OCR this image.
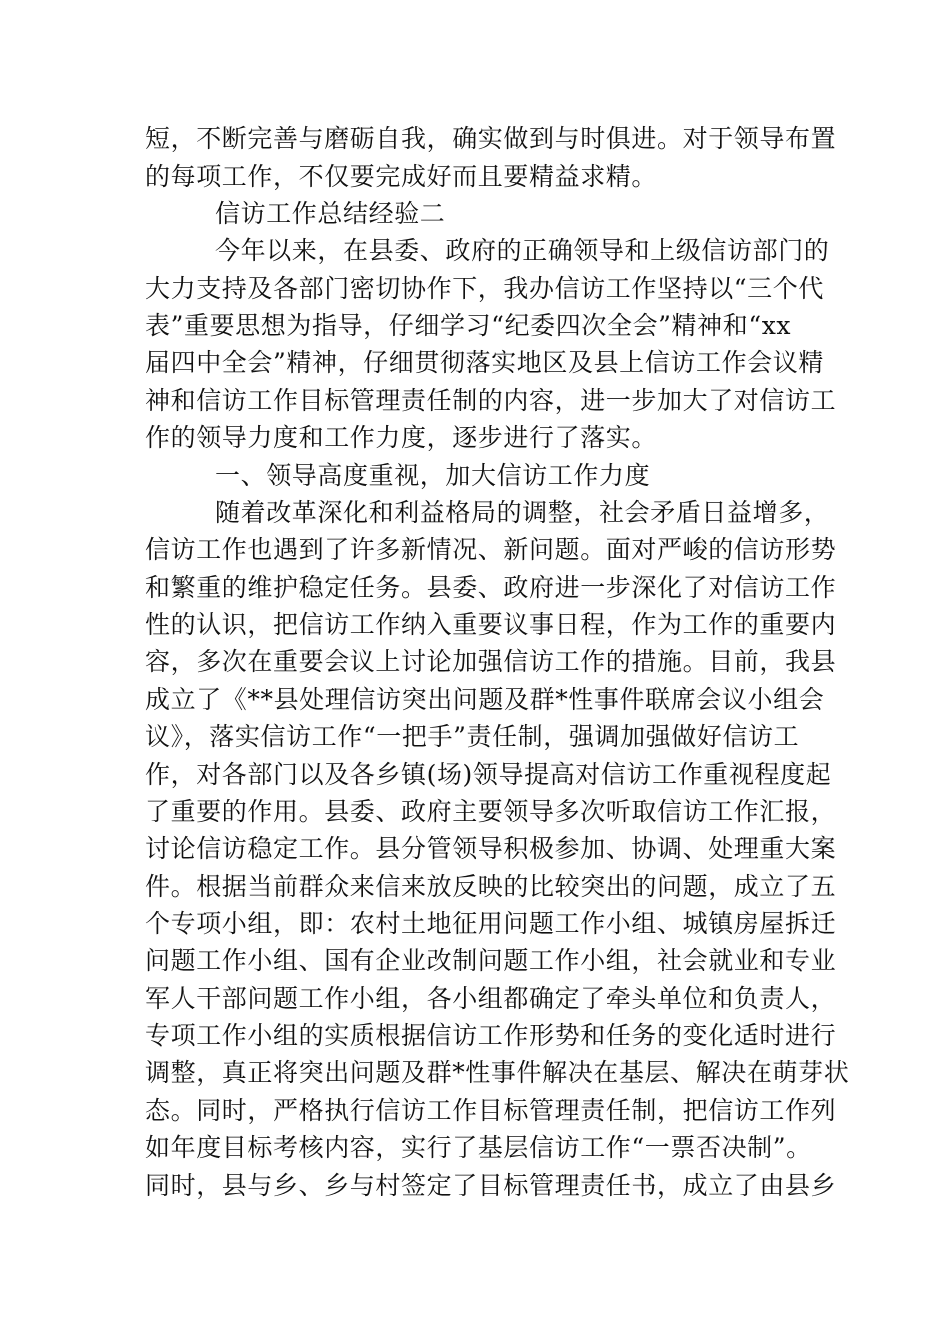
短，不断完善与磨砺自我，确实做到与时俱进。对于领导布置
的每项工作，不仅要完成好而且要精益求精。
信访工作总结经验二
今年以来，在县委、政府的正确领导和上级信访部门的
大力支持及各部门密切协作下，我办信访工作坚持以“三个代
表”重要思想为指导，仔细学习“纪委四次全会”精神和“xx
届四中全会”精神，仔细贯彻落实地区及县上信访工作会议精
神和信访工作目标管理责任制的内容，进一步加大了对信访工
作的领导力度和工作力度，逐步进行了落实。
一、领导高度重视，加大信访工作力度
随着改革深化和利益格局的调整，社会矛盾日益增多，
信访工作也遇到了许多新情况、新问题。面对严峻的信访形势
和繁重的维护稳定任务。县委、政府进一步深化了对信访工作
性的认识，把信访工作纳入重要议事日程，作为工作的重要内
容，多次在重要会议上讨论加强信访工作的措施。目前，我县
成立了《**县处理信访突出问题及群*性事件联席会议小组会
议》，落实信访工作“一把手”责任制，强调加强做好信访工
作，对各部门以及各乡镇(场)领导提高对信访工作重视程度起
了重要的作用。县委、政府主要领导多次听取信访工作汇报，
讨论信访稳定工作。县分管领导积极参加、协调、处理重大案
件。根据当前群众来信来放反映的比较突出的问题，成立了五
个专项小组，即：农村土地征用问题工作小组、城镇房屋拆迁
问题工作小组、国有企业改制问题工作小组，社会就业和专业
军人干部问题工作小组，各小组都确定了牵头单位和负责人，
专项工作小组的实质根据信访工作形势和任务的变化适时进行
调整，真正将突出问题及群*性事件解决在基层、解决在萌芽状
态。同时，严格执行信访工作目标管理责任制，把信访工作列
如年度目标考核内容，实行了基层信访工作“一票否决制”。
同时，县与乡、乡与村签定了目标管理责任书，成立了由县乡
